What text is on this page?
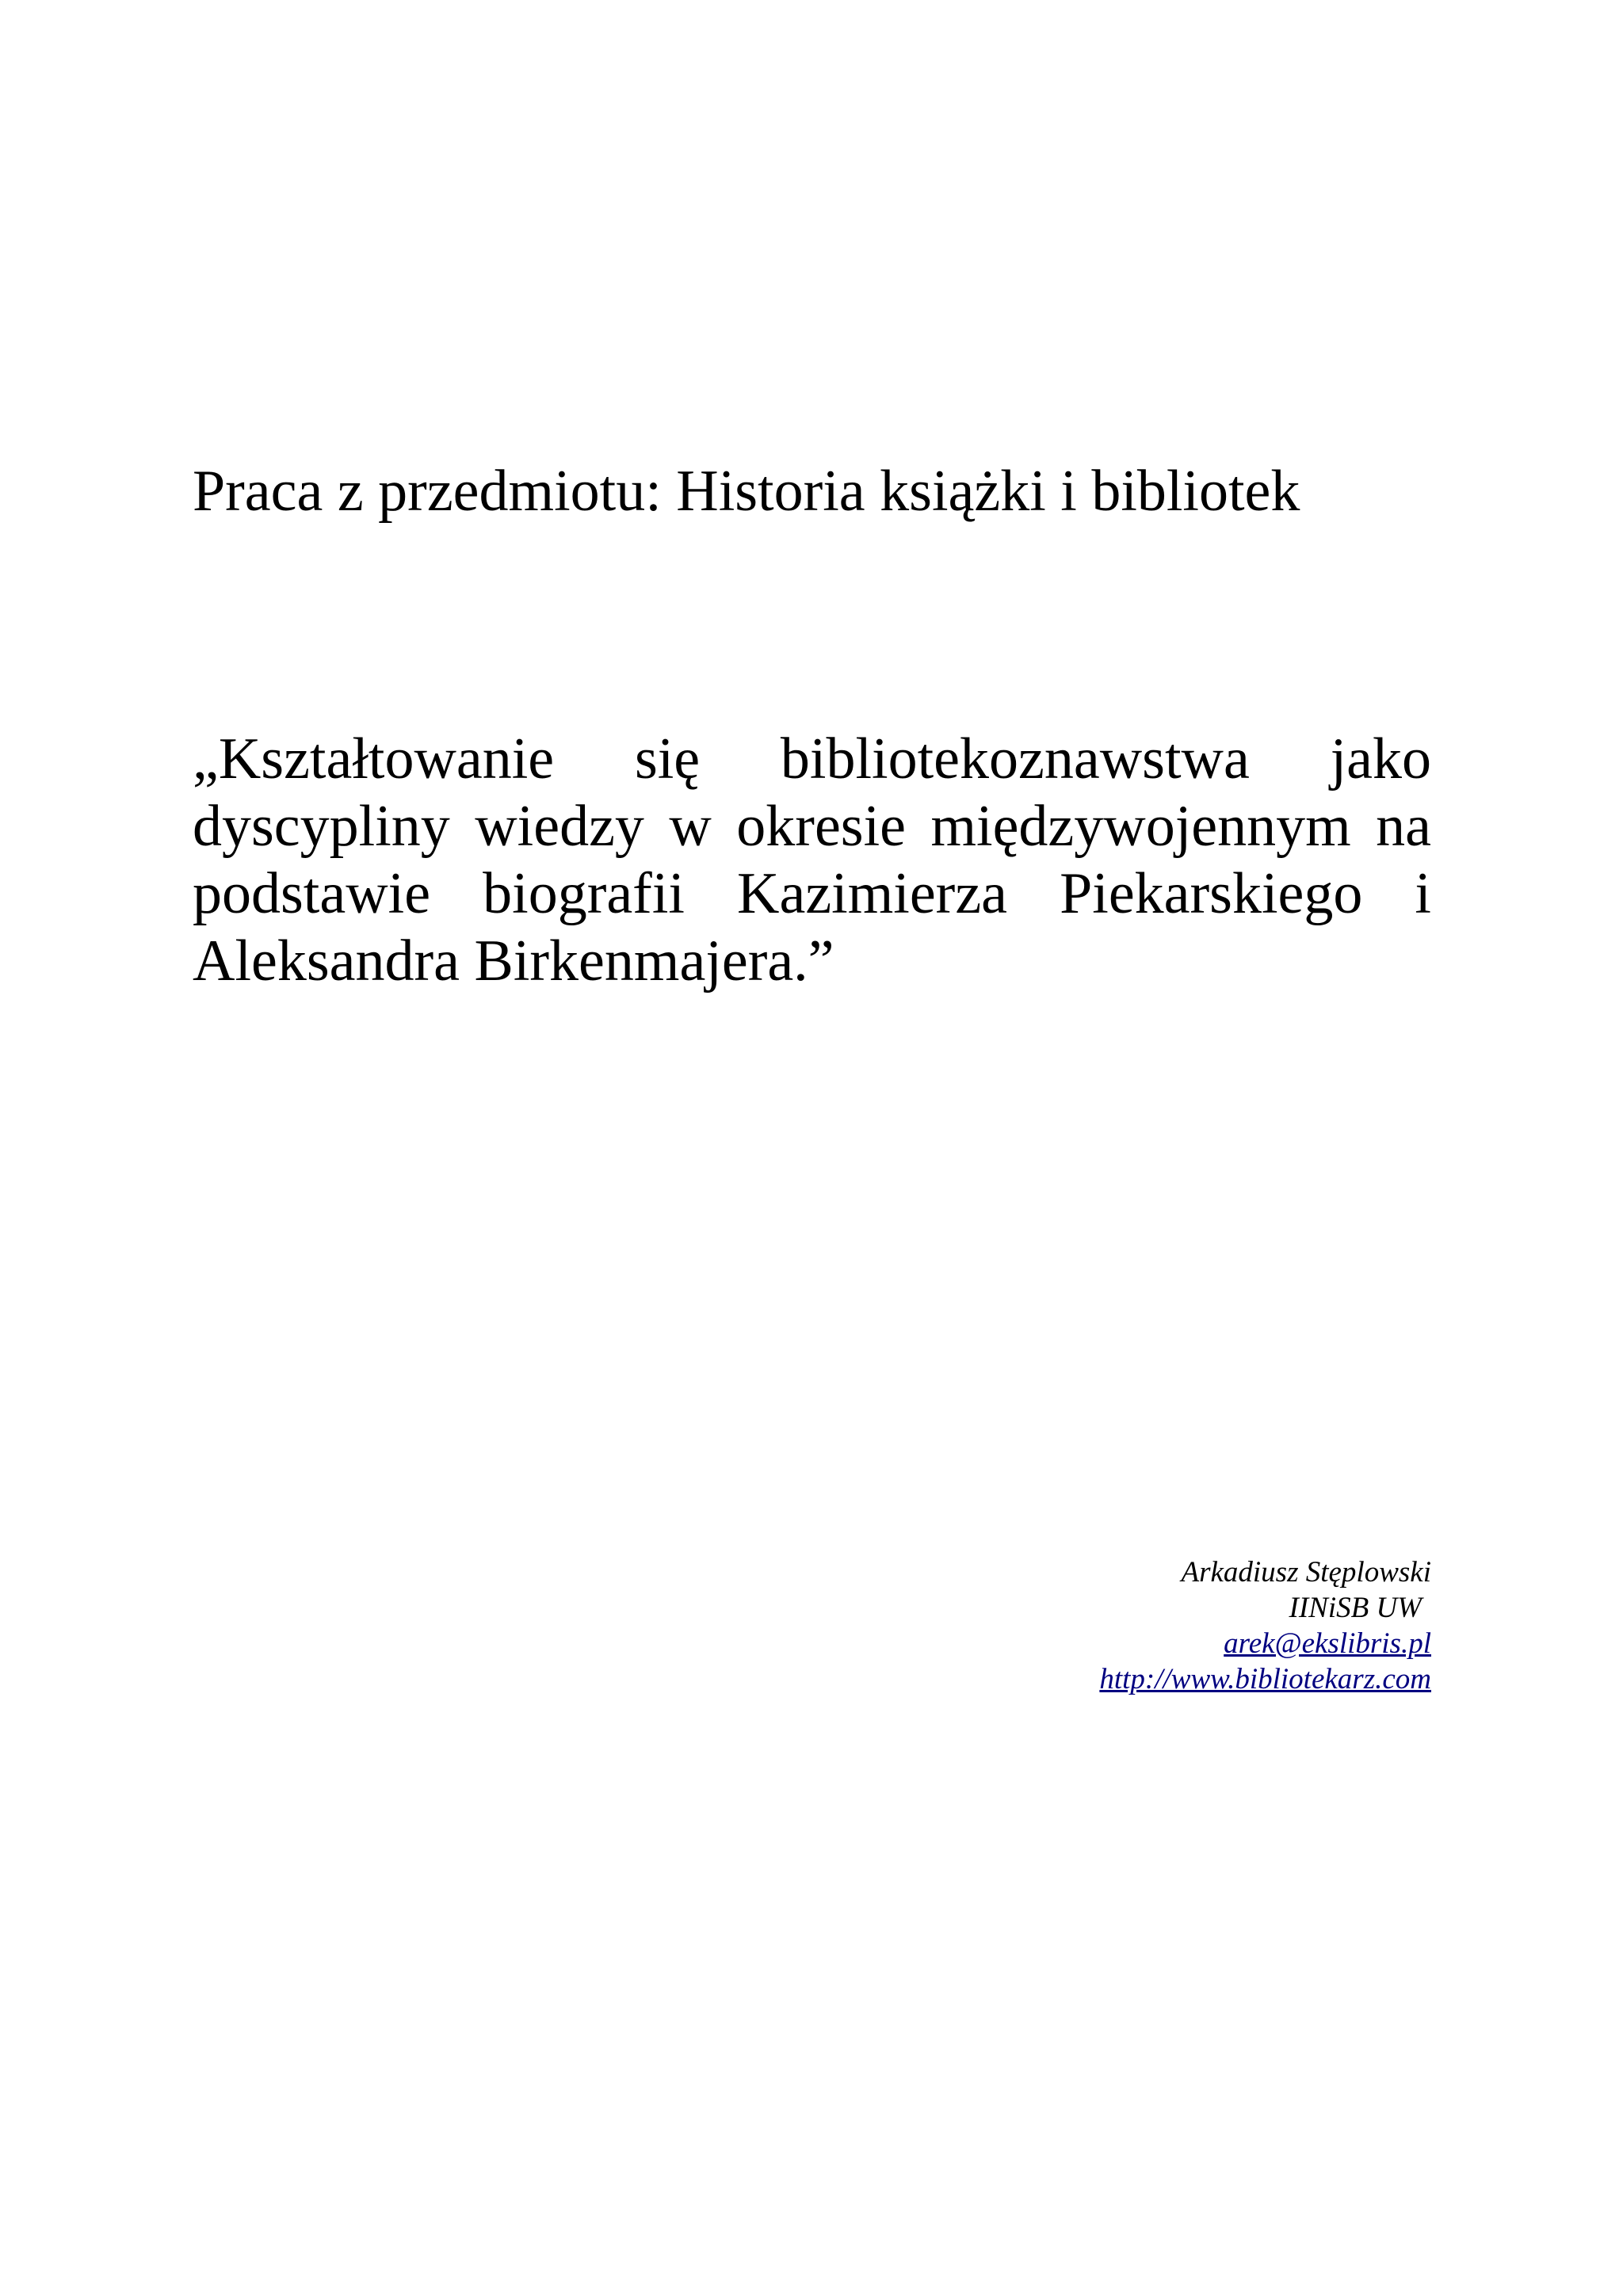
Praca z przedmiotu: Historia książki i bibliotek
„Kształtowanie się bibliotekoznawstwa jako dyscypliny wiedzy w okresie międzywojennym na podstawie biografii Kazimierza Piekarskiego i Aleksandra Birkenmajera.”
Arkadiusz Stęplowski
IINiSB UW
arek@ekslibris.pl
http://www.bibliotekarz.com
